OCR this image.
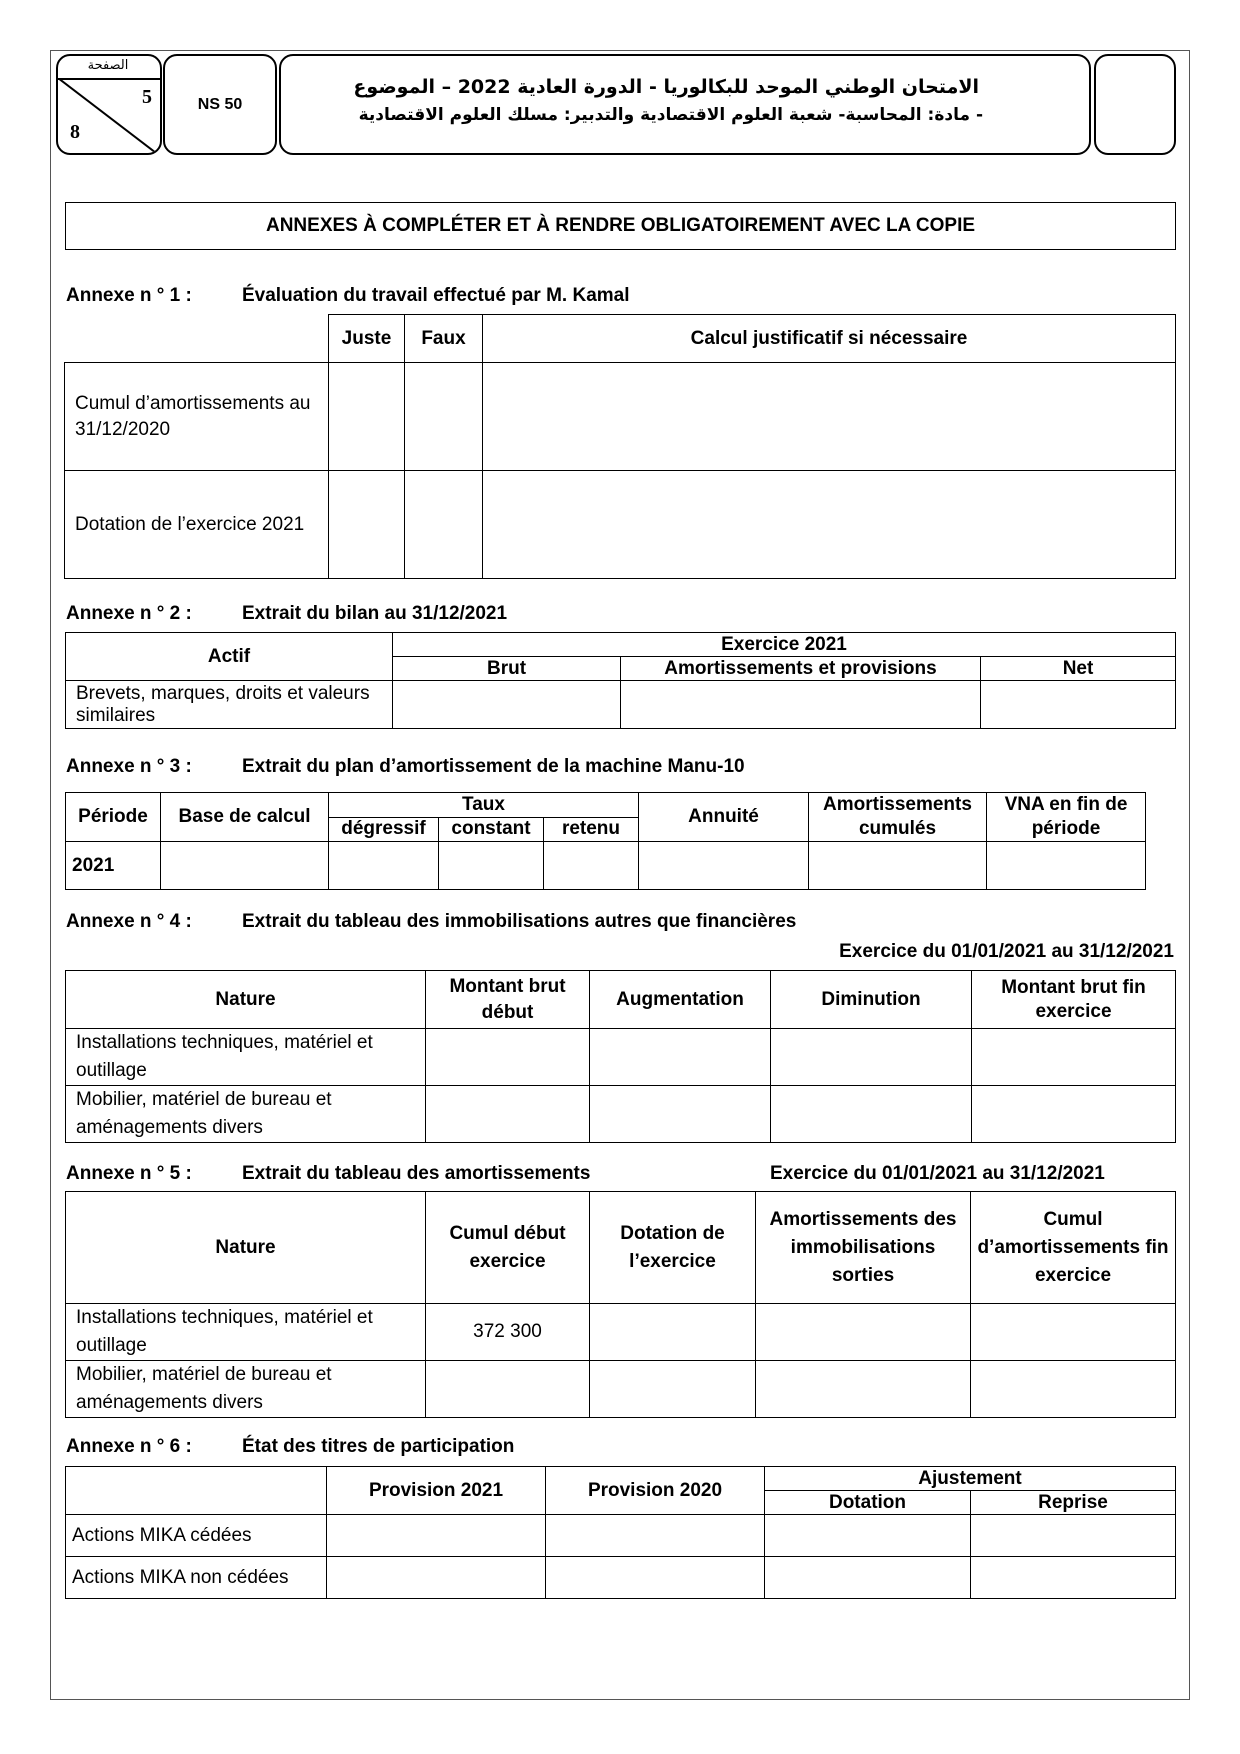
الصفحة
5
8
NS 50
الامتحان الوطني الموحد للبكالوريا - الدورة العادية 2022 – الموضوع
- مادة: المحاسبة- شعبة العلوم الاقتصادية والتدبير: مسلك العلوم الاقتصادية
ANNEXES À COMPLÉTER ET À RENDRE OBLIGATOIREMENT AVEC LA COPIE
Annexe n ° 1 :	Évaluation du travail effectué par M. Kamal
	Juste	Faux	Calcul justificatif si nécessaire
Cumul d’amortissements au 31/12/2020			
Dotation de l’exercice 2021			
Annexe n ° 2 :	Extrait du bilan au 31/12/2021
Actif	Exercice 2021		
	Brut	Amortissements et provisions	Net
Brevets, marques, droits et valeurs similaires			
Annexe n ° 3 :	Extrait du plan d’amortissement de la machine Manu-10
Période	Base de calcul	Taux			Annuité	Amortissements cumulés	VNA en fin de période
		dégressif	constant	retenu			
2021							
Annexe n ° 4 :	Extrait du tableau des immobilisations autres que financières
Exercice du 01/01/2021 au 31/12/2021
Nature	Montant brut début	Augmentation	Diminution	Montant brut fin exercice
Installations techniques, matériel et outillage				
Mobilier, matériel de bureau et aménagements divers				
Annexe n ° 5 :	Extrait du tableau des amortissements	Exercice du 01/01/2021 au 31/12/2021
Nature	Cumul début exercice	Dotation de l’exercice	Amortissements des immobilisations sorties	Cumul d’amortissements fin exercice
Installations techniques, matériel et outillage	372 300			
Mobilier, matériel de bureau et aménagements divers				
Annexe n ° 6 :	État des titres de participation
	Provision 2021	Provision 2020	Ajustement	
			Dotation	Reprise
Actions MIKA cédées				
Actions MIKA non cédées				
